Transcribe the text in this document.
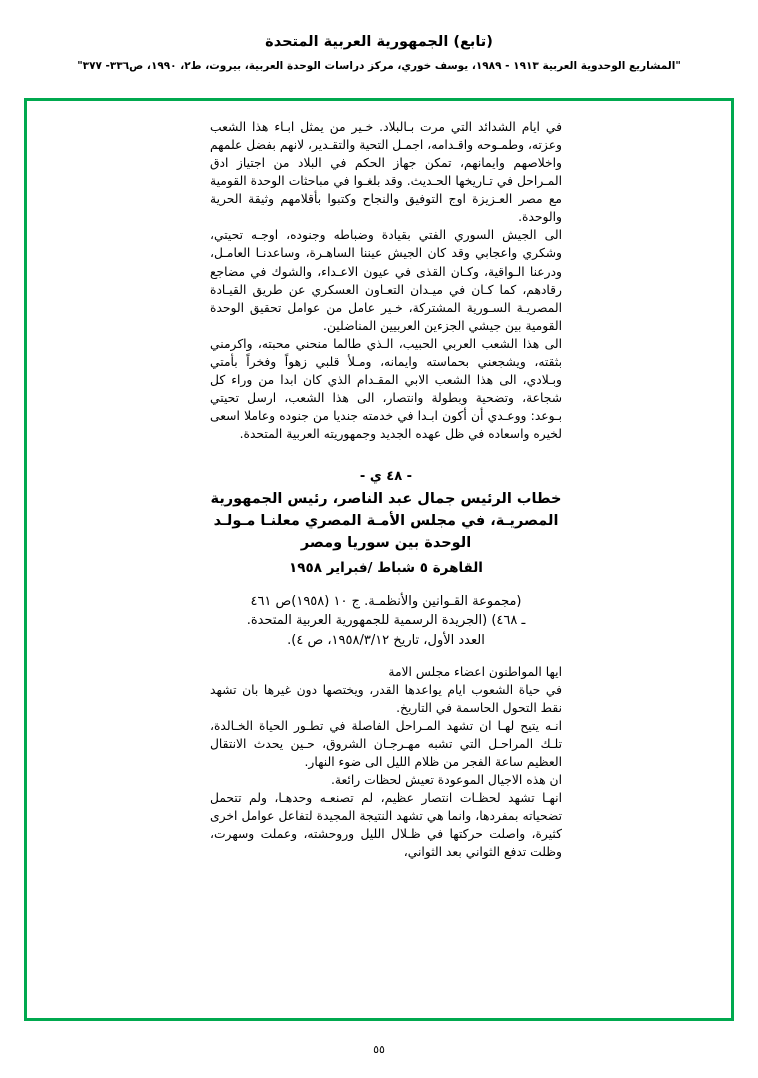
(تابع) الجمهورية العربية المتحدة
"المشاريع الوحدوية العربية ١٩١٣ - ١٩٨٩، يوسف خوري، مركز دراسات الوحدة العربية، بيروت، ط٢، ١٩٩٠، ص٣٣٦- ٣٧٧"

في ايام الشدائد التي مرت بـالبلاد. خـير من يمثل ابـاء هذا الشعب وعزته، وطمـوحه واقـدامه، اجمـل التحية والتقـدير، لانهم بفضل علمهم واخلاصهم وايمانهم، تمكن جهاز الحكم في البلاد من اجتياز ادق المـراحل في تـاريخها الحـديث. وقد بلغـوا في مباحثات الوحدة القومية مع مصر العـزيزة اوج التوفيق والنجاح وكتبوا بأقلامهم وثيقة الحرية والوحدة.

الى الجيش السوري الفتي بقيادة وضباطه وجنوده، اوجـه تحيتي، وشكري واعجابي وقد كان الجيش عيننا الساهـرة، وساعدنـا العامـل، ودرعنا الـواقية، وكـان القذى في عيون الاعـداء، والشوك في مضاجع رقادهم، كما كـان في ميـدان التعـاون العسكري عن طريق القيـادة المصريـة السـورية المشتركة، خـير عامل من عوامل تحقيق الوحدة القومية بين جيشي الجزءين العربيين المناضلين.

الى هذا الشعب العربي الحبيب، الـذي طالما منحني محبته، واكرمني بثقته، ويشجعني بحماسته وايمانه، ومـلأ قلبي زهواً وفخراً بأمتي وبـلادي، الى هذا الشعب الابي المقـدام الذي كان ابدا من وراء كل شجاعة، وتضحية وبطولة وانتصار، الى هذا الشعب، ارسل تحيتي بـوعد: ووعـدي أن أكون ابـدا في خدمته جنديا من جنوده وعاملا اسعى لخيره واسعاده في ظل عهده الجديد وجمهوريته العربية المتحدة.

- ٤٨ ي -
خطاب الرئيس جمال عبد الناصر، رئيس الجمهورية
المصريـة، في مجلس الأمـة المصري معلنـا مـولـد
الوحدة بين سوريا ومصر
القاهرة ٥ شباط /فبراير ١٩٥٨

(مجموعة القـوانين والأنظمـة. ج ١٠ (١٩٥٨)ص ٤٦١

ـ ٤٦٨) (الجريدة الرسمية للجمهورية العربية المتحدة.

العدد الأول، تاريخ ١٩٥٨/٣/١٢، ص ٤).

ايها المواطنون اعضاء مجلس الامة

في حياة الشعوب ايام يواعدها القدر، ويختصها دون غيرها بان تشهد نقط التحول الحاسمة في التاريخ.

انـه يتيح لهـا ان تشهد المـراحل الفاصلة في تطـور الحياة الخـالدة، تلـك المراحـل التي تشبه مهـرجـان الشروق، حـين يحدث الانتقال العظيم ساعة الفجر من ظلام الليل الى ضوء النهار.

ان هذه الاجيال الموعودة تعيش لحظات رائعة.

انهـا تشهد لحظـات انتصار عظيم، لم تصنعـه وحدهـا، ولم تتحمل تضحياته بمفردها، وانما هي تشهد النتيجة المجيدة لتفاعل عوامل اخرى كثيرة، واصلت حركتها في ظـلال الليل وروحشته، وعملت وسهرت، وظلت تدفع الثواني بعد الثواني،

٥٥
